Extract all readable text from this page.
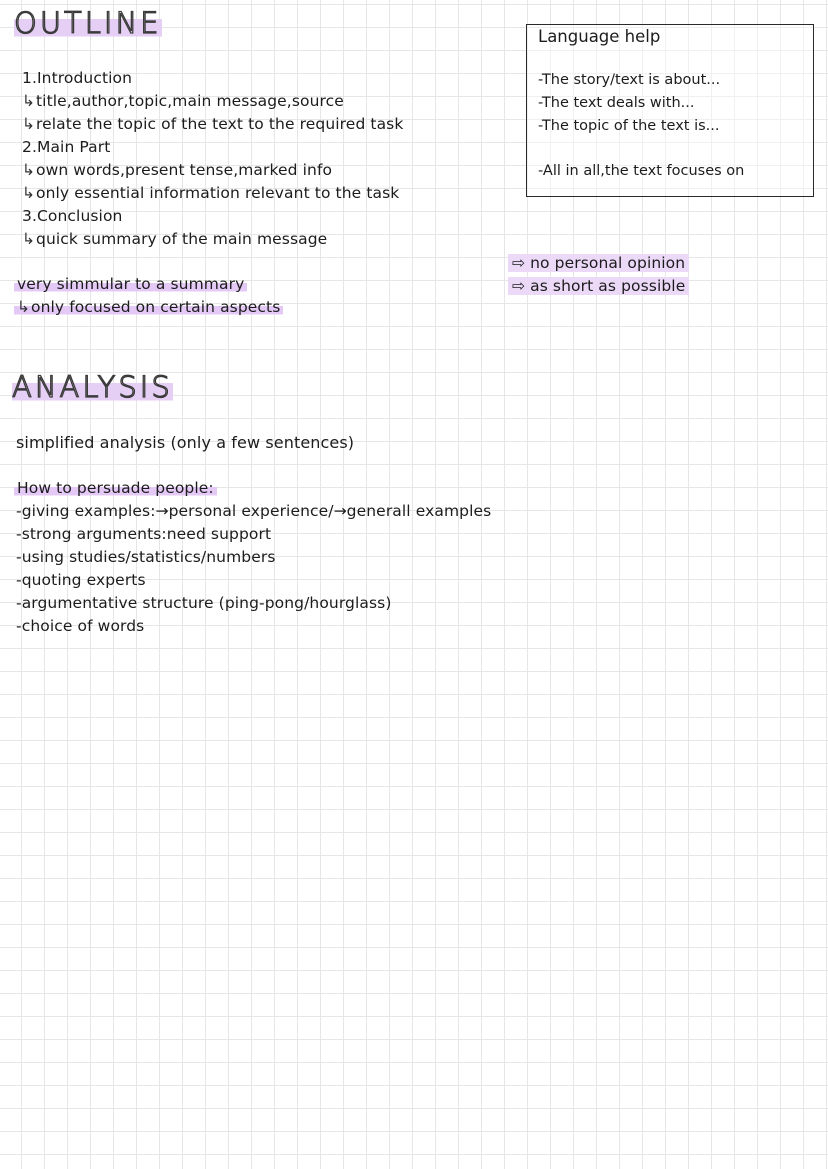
OUTLINE
1.Introduction
↳title,author,topic,main message,source
↳relate the topic of the text to the required task
2.Main Part
↳own words,present tense,marked info
↳only essential information relevant to the task
3.Conclusion
↳quick summary of the main message
very simmular to a summary
↳only focused on certain aspects
Language help
-The story/text is about...
-The text deals with...
-The topic of the text is...
-All in all,the text focuses on
⇨ no personal opinion
⇨ as short as possible
ANALYSIS
simplified analysis (only a few sentences)
How to persuade people:
-giving examples:→personal experience/→generall examples
-strong arguments:need support
-using studies/statistics/numbers
-quoting experts
-argumentative structure (ping-pong/hourglass)
-choice of words
